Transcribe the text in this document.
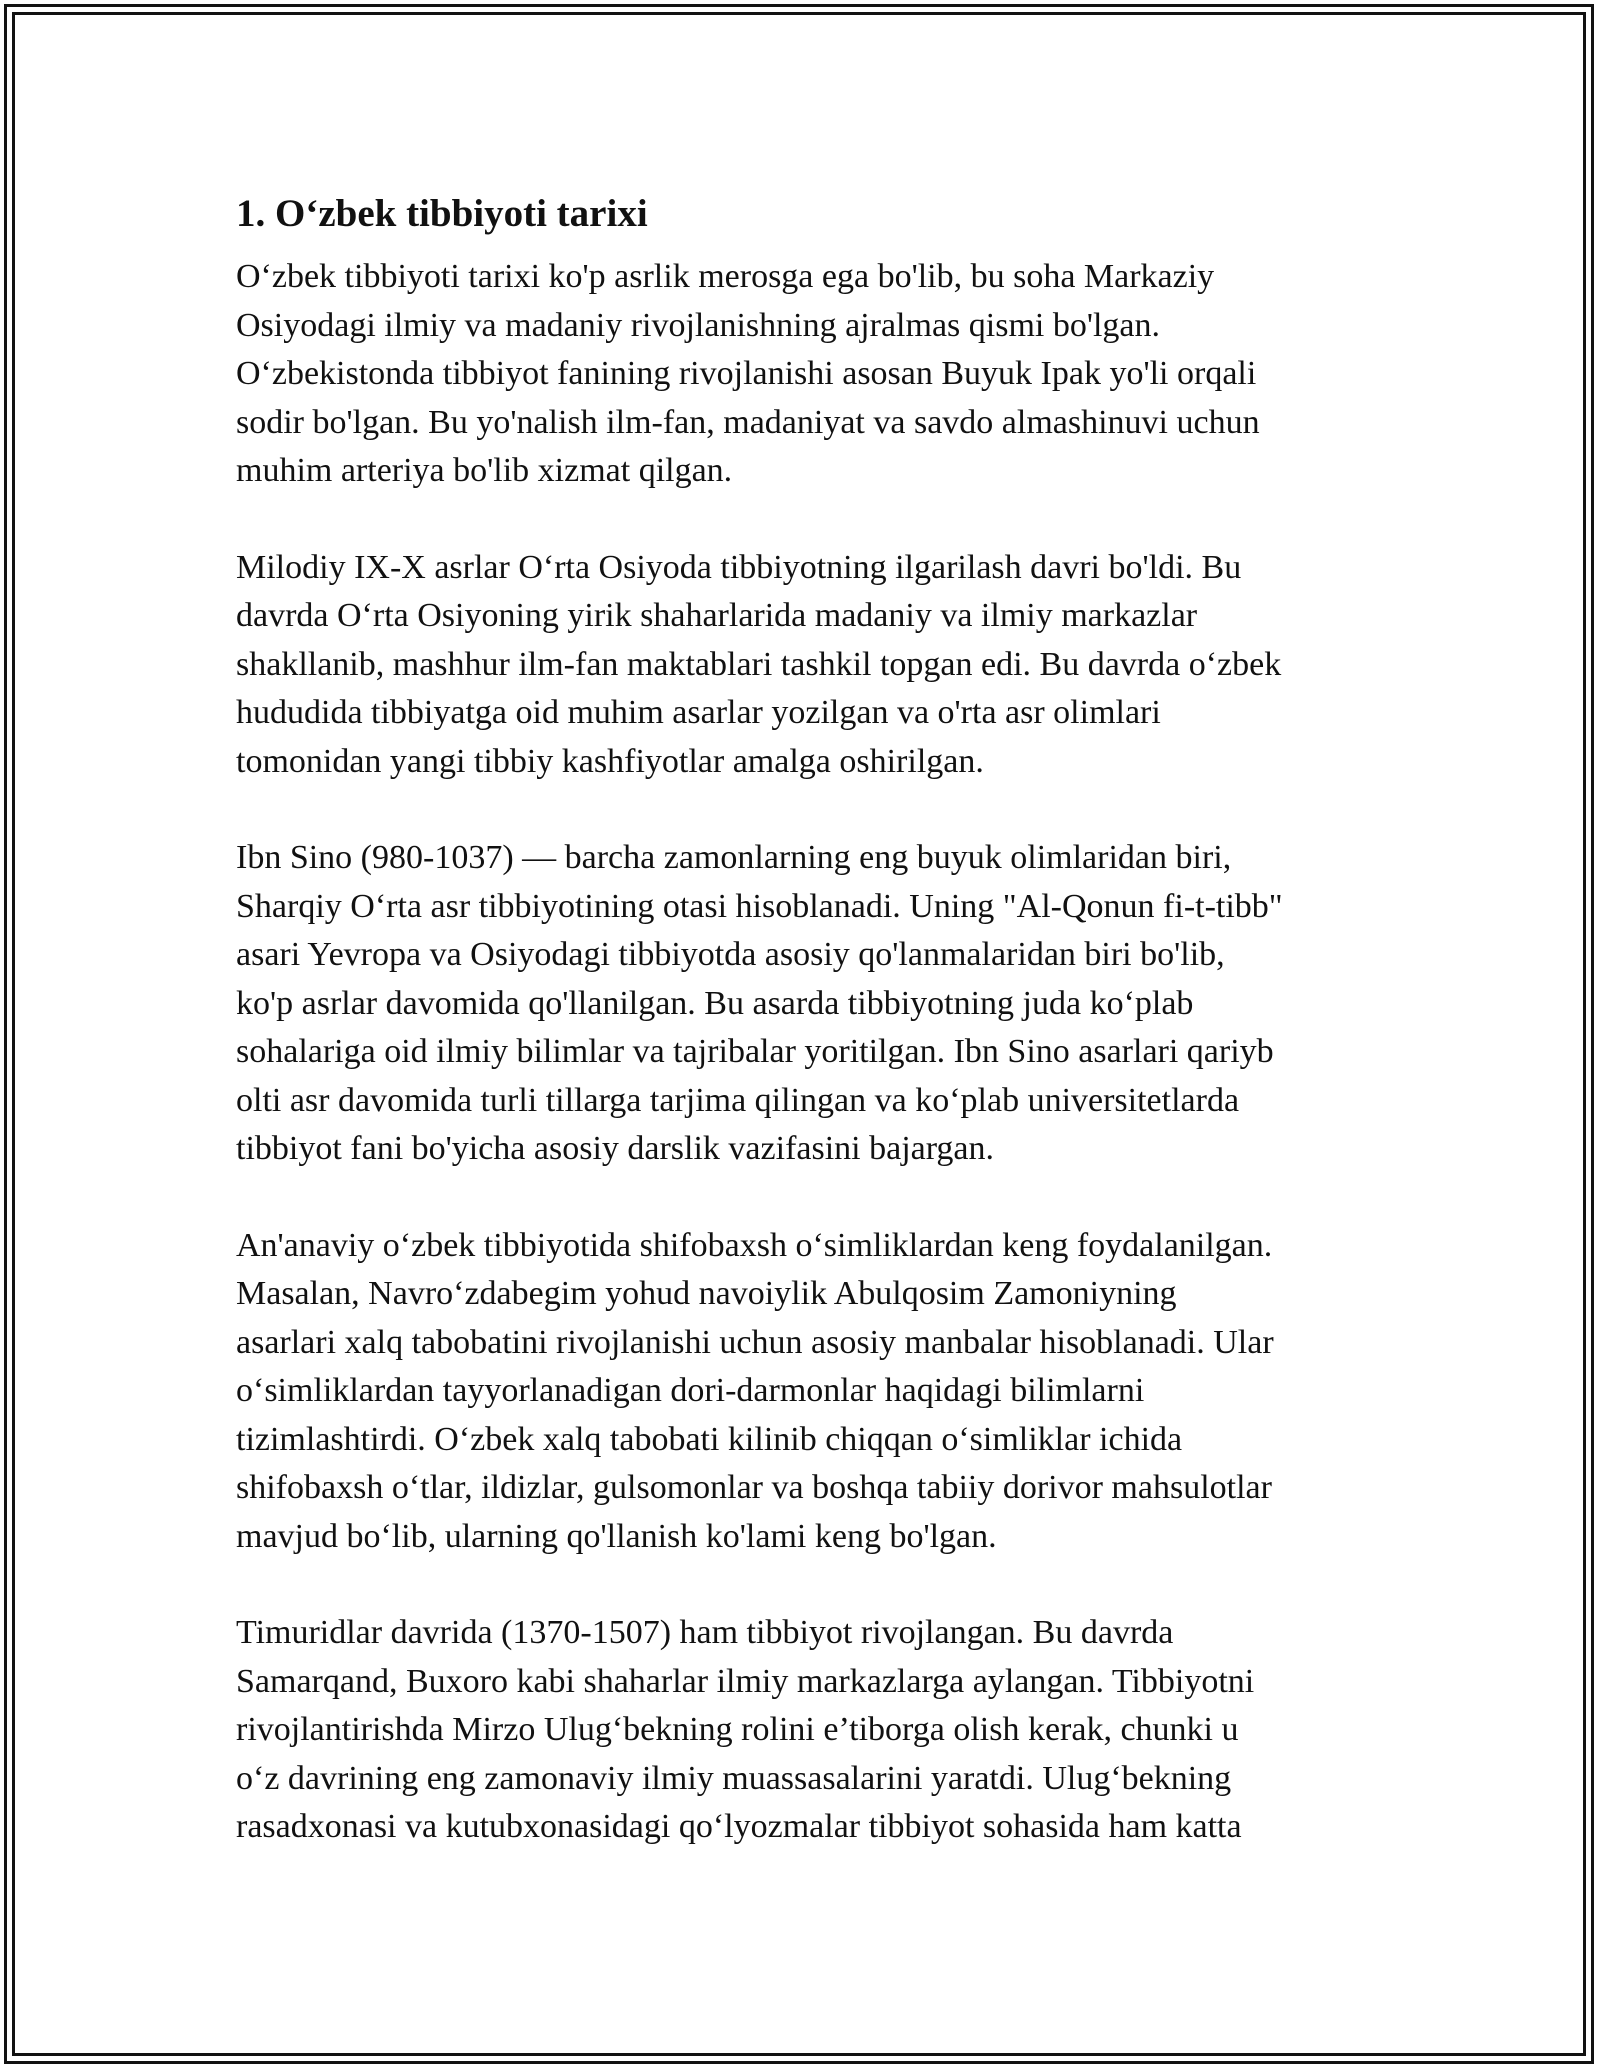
1. O‘zbek tibbiyoti tarixi

O‘zbek tibbiyoti tarixi ko'p asrlik merosga ega bo'lib, bu soha Markaziy
Osiyodagi ilmiy va madaniy rivojlanishning ajralmas qismi bo'lgan.
O‘zbekistonda tibbiyot fanining rivojlanishi asosan Buyuk Ipak yo'li orqali
sodir bo'lgan. Bu yo'nalish ilm-fan, madaniyat va savdo almashinuvi uchun
muhim arteriya bo'lib xizmat qilgan.

Milodiy IX-X asrlar O‘rta Osiyoda tibbiyotning ilgarilash davri bo'ldi. Bu
davrda O‘rta Osiyoning yirik shaharlarida madaniy va ilmiy markazlar
shakllanib, mashhur ilm-fan maktablari tashkil topgan edi. Bu davrda o‘zbek
hududida tibbiyatga oid muhim asarlar yozilgan va o'rta asr olimlari
tomonidan yangi tibbiy kashfiyotlar amalga oshirilgan.

Ibn Sino (980-1037) — barcha zamonlarning eng buyuk olimlaridan biri,
Sharqiy O‘rta asr tibbiyotining otasi hisoblanadi. Uning "Al-Qonun fi-t-tibb"
asari Yevropa va Osiyodagi tibbiyotda asosiy qo'lanmalaridan biri bo'lib,
ko'p asrlar davomida qo'llanilgan. Bu asarda tibbiyotning juda ko‘plab
sohalariga oid ilmiy bilimlar va tajribalar yoritilgan. Ibn Sino asarlari qariyb
olti asr davomida turli tillarga tarjima qilingan va ko‘plab universitetlarda
tibbiyot fani bo'yicha asosiy darslik vazifasini bajargan.

An'anaviy o‘zbek tibbiyotida shifobaxsh o‘simliklardan keng foydalanilgan.
Masalan, Navro‘zdabegim yohud navoiylik Abulqosim Zamoniyning
asarlari xalq tabobatini rivojlanishi uchun asosiy manbalar hisoblanadi. Ular
o‘simliklardan tayyorlanadigan dori-darmonlar haqidagi bilimlarni
tizimlashtirdi. O‘zbek xalq tabobati kilinib chiqqan o‘simliklar ichida
shifobaxsh o‘tlar, ildizlar, gulsomonlar va boshqa tabiiy dorivor mahsulotlar
mavjud bo‘lib, ularning qo'llanish ko'lami keng bo'lgan.

Timuridlar davrida (1370-1507) ham tibbiyot rivojlangan. Bu davrda
Samarqand, Buxoro kabi shaharlar ilmiy markazlarga aylangan. Tibbiyotni
rivojlantirishda Mirzo Ulug‘bekning rolini e’tiborga olish kerak, chunki u
o‘z davrining eng zamonaviy ilmiy muassasalarini yaratdi. Ulug‘bekning
rasadxonasi va kutubxonasidagi qo‘lyozmalar tibbiyot sohasida ham katta
